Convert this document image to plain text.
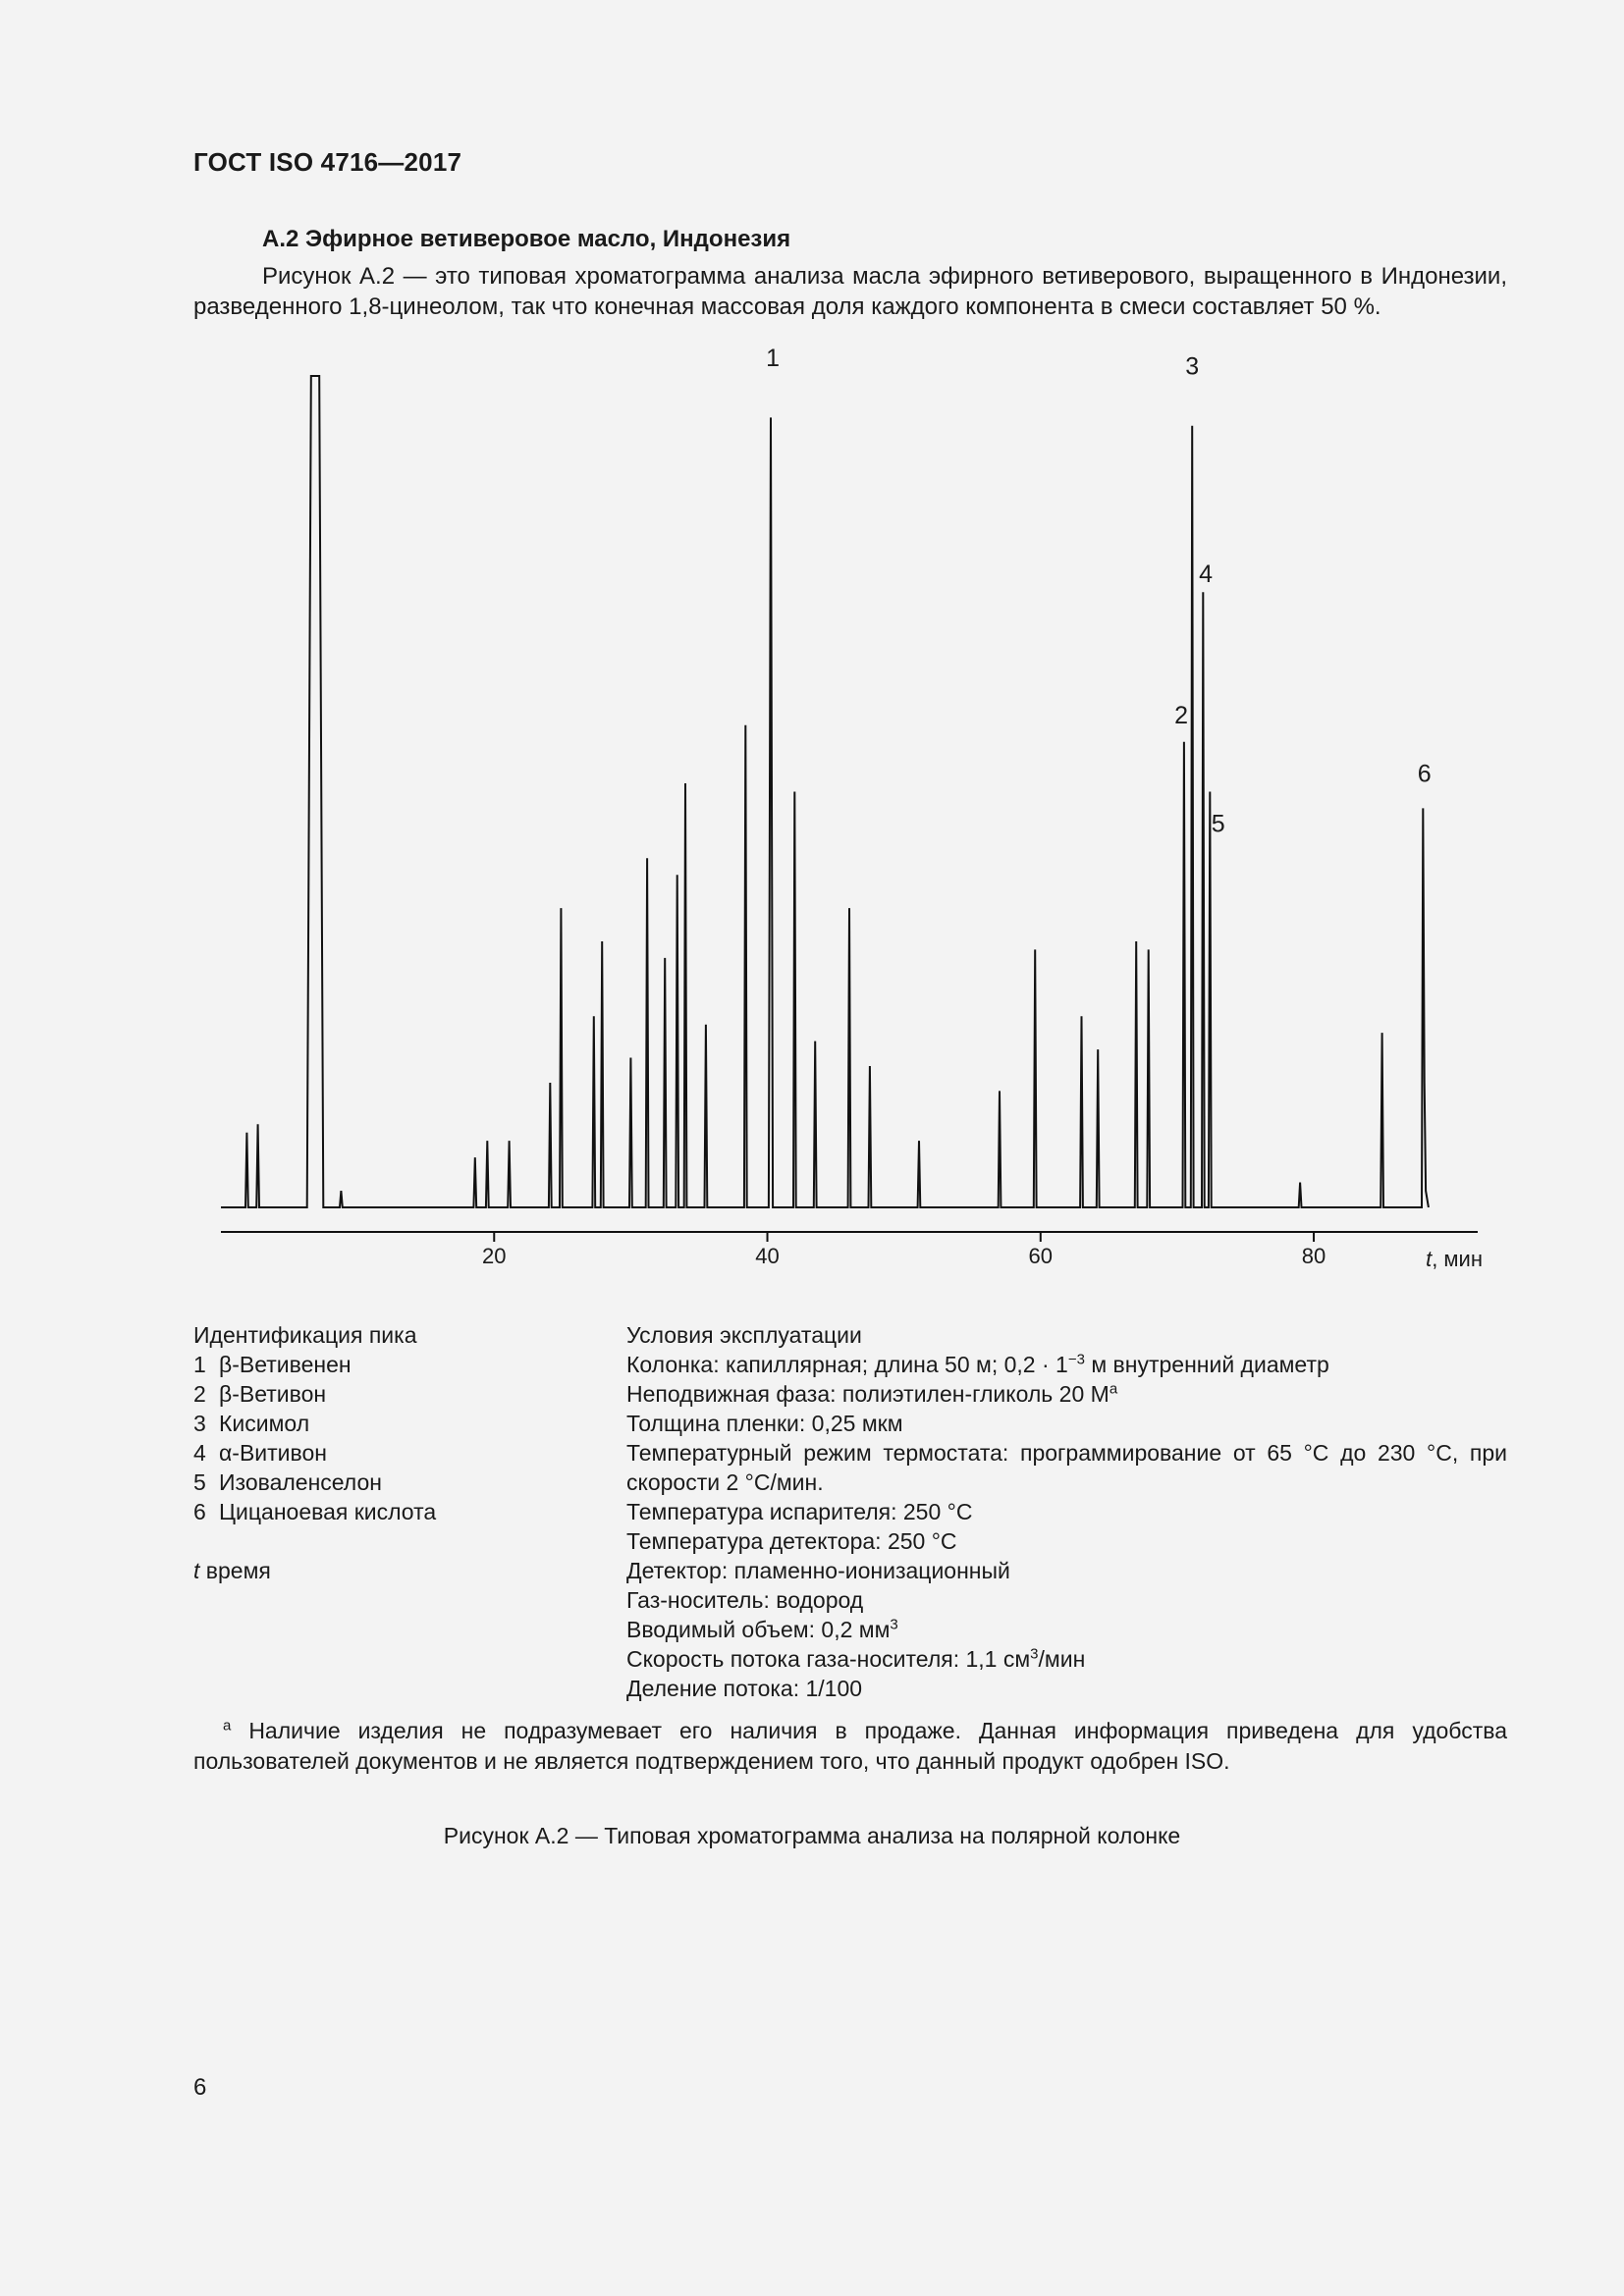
ГОСТ ISO 4716—2017
А.2 Эфирное ветиверовое масло, Индонезия
Рисунок А.2 — это типовая хроматограмма анализа масла эфирного ветиверового, выращенного в Индонезии, разведенного 1,8-цинеолом, так что конечная массовая доля каждого компонента в смеси составляет 50 %.
20	40	60	80
1
2
3
4
5
6
t, мин
Идентификация пика
1 β-Ветивенен
2 β-Ветивон
3 Кисимол
4 α-Витивон
5 Изоваленселон
6 Цицаноевая кислота
t время
Условия эксплуатации
Колонка: капиллярная; длина 50 м; $0,2 \cdot 1^{-3}$ м внутренний диаметр
Неподвижная фаза: полиэтилен-гликоль 20 $М^a$
Толщина пленки: 0,25 мкм
Температурный режим термостата: программирование от 65 °С до 230 °С, при скорости 2 °С/мин.
Температура испарителя: 250 °С
Температура детектора: 250 °С
Детектор: пламенно-ионизационный
Газ-носитель: водород
Вводимый объем: 0,2 $мм^3$
Скорость потока газа-носителя: 1,1 $см^3$/мин
Деление потока: 1/100
$^a$ Наличие изделия не подразумевает его наличия в продаже. Данная информация приведена для удобства пользователей документов и не является подтверждением того, что данный продукт одобрен ISO.
Рисунок А.2 — Типовая хроматограмма анализа на полярной колонке
6
